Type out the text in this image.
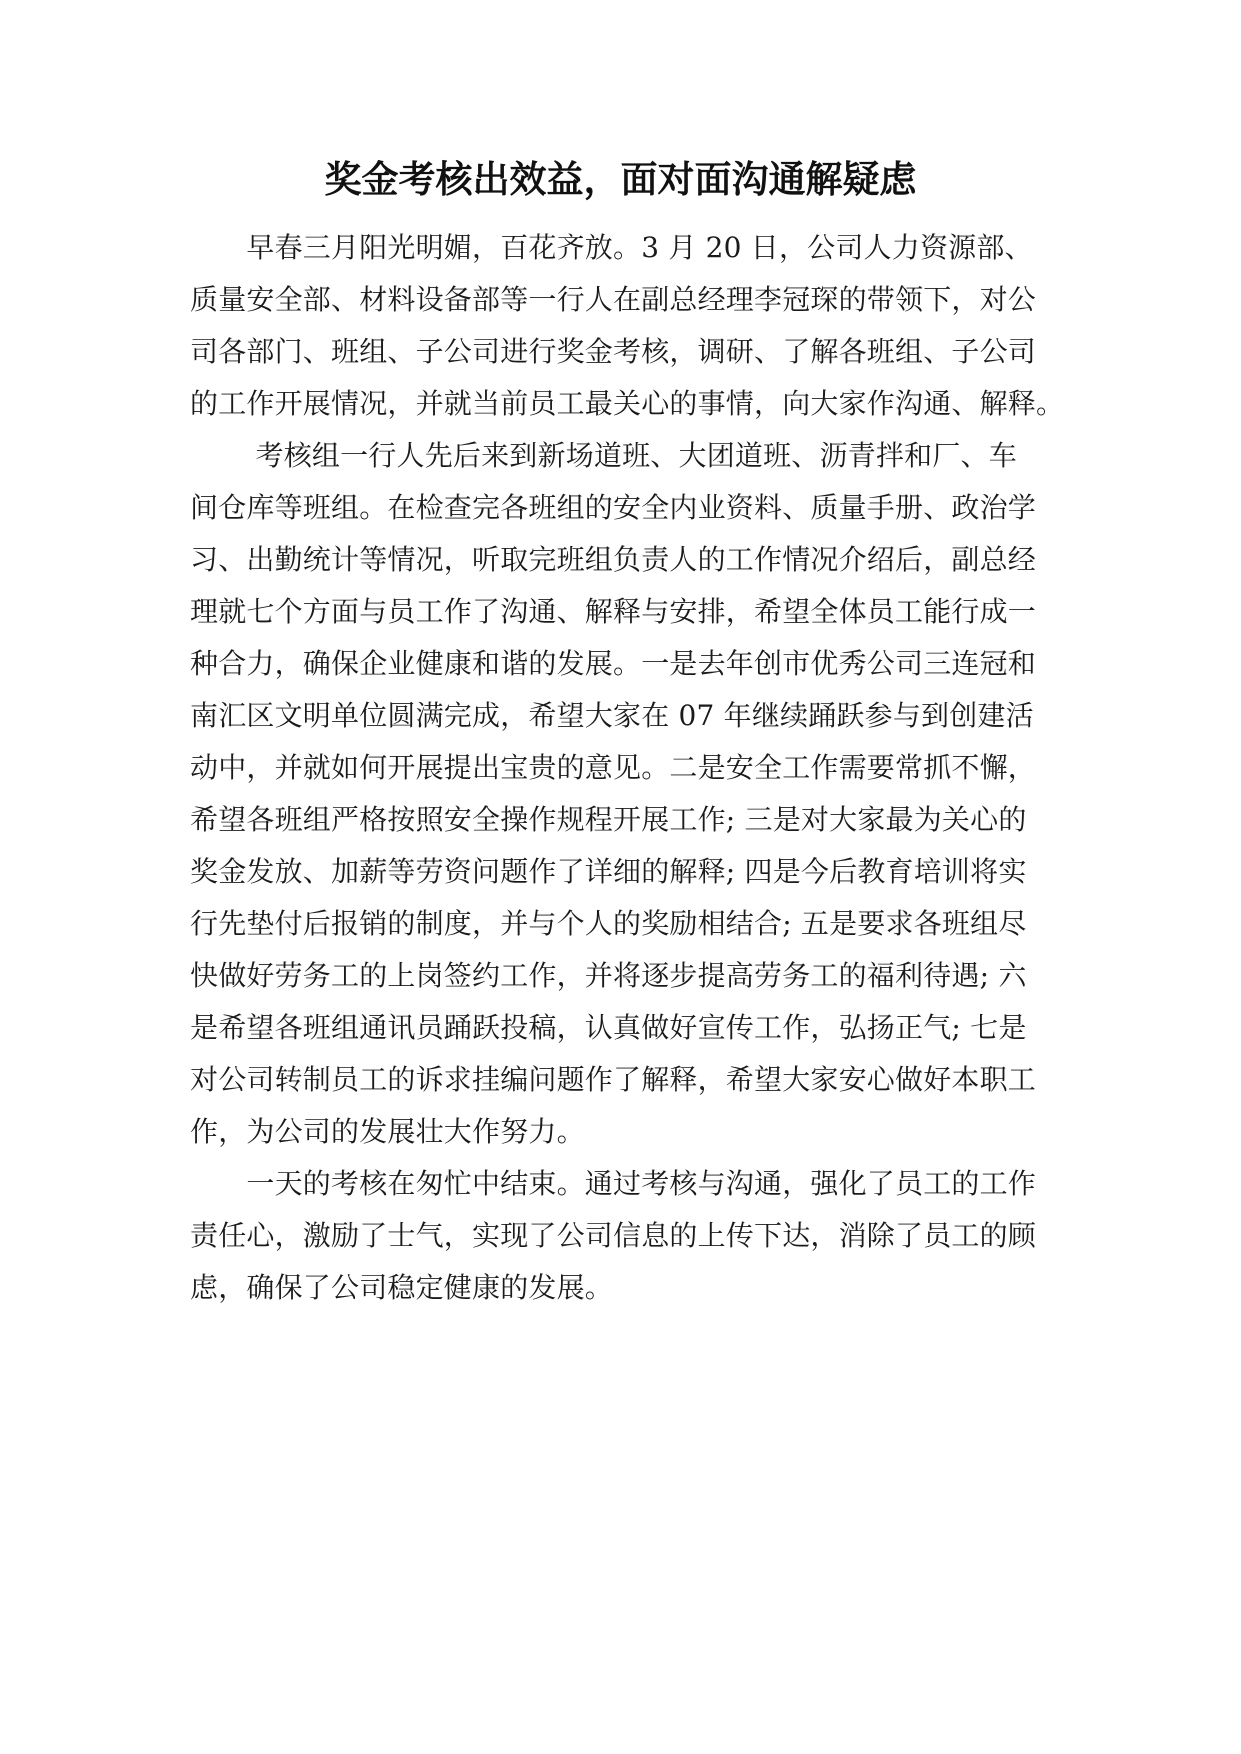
奖金考核出效益，面对面沟通解疑虑
　　早春三月阳光明媚，百花齐放。3 月 20 日，公司人力资源部、
质量安全部、材料设备部等一行人在副总经理李冠琛的带领下，对公
司各部门、班组、子公司进行奖金考核，调研、了解各班组、子公司
的工作开展情况，并就当前员工最关心的事情，向大家作沟通、解释。
　　 考核组一行人先后来到新场道班、大团道班、沥青拌和厂、车
间仓库等班组。在检查完各班组的安全内业资料、质量手册、政治学
习、出勤统计等情况，听取完班组负责人的工作情况介绍后，副总经
理就七个方面与员工作了沟通、解释与安排，希望全体员工能行成一
种合力，确保企业健康和谐的发展。一是去年创市优秀公司三连冠和
南汇区文明单位圆满完成，希望大家在 07 年继续踊跃参与到创建活
动中，并就如何开展提出宝贵的意见。二是安全工作需要常抓不懈，
希望各班组严格按照安全操作规程开展工作; 三是对大家最为关心的
奖金发放、加薪等劳资问题作了详细的解释; 四是今后教育培训将实
行先垫付后报销的制度，并与个人的奖励相结合; 五是要求各班组尽
快做好劳务工的上岗签约工作，并将逐步提高劳务工的福利待遇; 六
是希望各班组通讯员踊跃投稿，认真做好宣传工作，弘扬正气; 七是
对公司转制员工的诉求挂编问题作了解释，希望大家安心做好本职工
作，为公司的发展壮大作努力。
　　一天的考核在匆忙中结束。通过考核与沟通，强化了员工的工作
责任心，激励了士气，实现了公司信息的上传下达，消除了员工的顾
虑，确保了公司稳定健康的发展。
